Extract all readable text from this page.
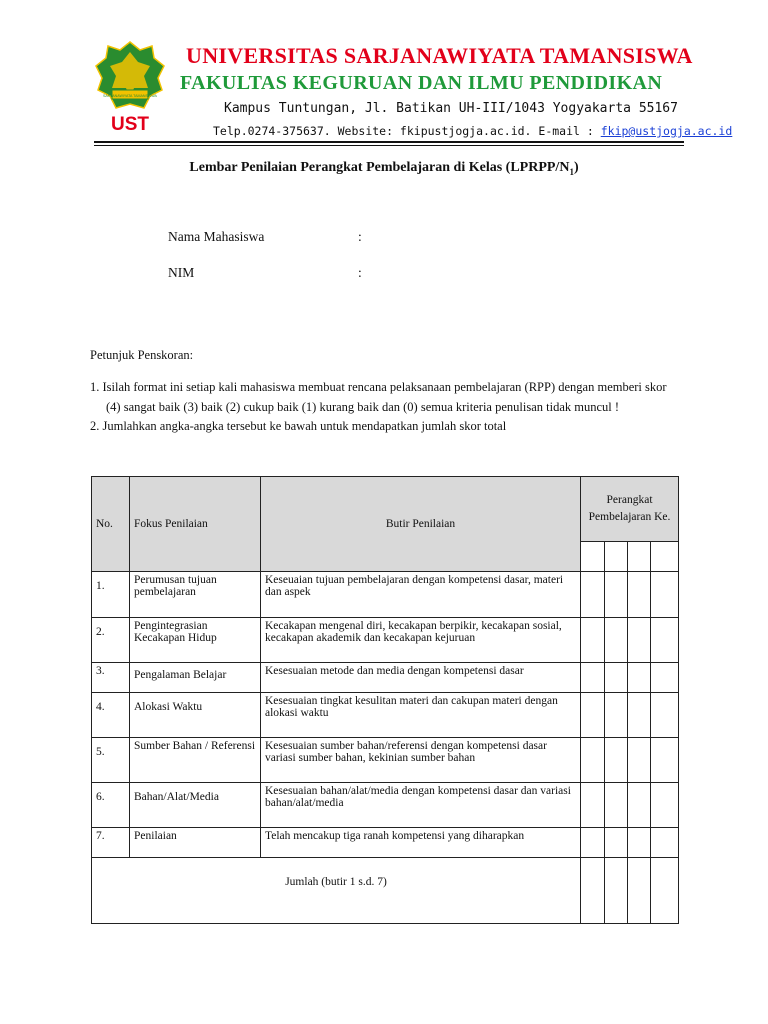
SARJANAWIYATA TAMANSISWA
UST
UNIVERSITAS SARJANAWIYATA TAMANSISWA
FAKULTAS KEGURUAN DAN ILMU PENDIDIKAN
Kampus Tuntungan, Jl. Batikan UH-III/1043 Yogyakarta 55167
Telp.0274-375637. Website: fkipustjogja.ac.id. E-mail : fkip@ustjogja.ac.id
Lembar Penilaian Perangkat Pembelajaran di Kelas $(LPRPP/N_1)$
Nama Mahasiswa	:
NIM	:
Petunjuk Penskoran:
1. Isilah format ini setiap kali mahasiswa membuat rencana pelaksanaan pembelajaran (RPP) dengan memberi skor
(4) sangat baik (3) baik (2) cukup baik (1) kurang baik dan (0) semua kriteria penulisan tidak muncul !
2. Jumlahkan angka-angka tersebut ke bawah untuk mendapatkan jumlah skor total
No.	Fokus Penilaian	Butir Penilaian	Perangkat Pembelajaran Ke.			

1.	Perumusan tujuan pembelajaran	Keseuaian tujuan pembelajaran dengan kompetensi dasar, materi dan aspek				
2.	Pengintegrasian Kecakapan Hidup	Kecakapan mengenal diri, kecakapan berpikir, kecakapan sosial, kecakapan akademik dan kecakapan kejuruan				
3.	Pengalaman Belajar	Kesesuaian metode dan media dengan kompetensi dasar				
4.	Alokasi Waktu	Kesesuaian tingkat kesulitan materi dan cakupan materi dengan alokasi waktu				
5.	Sumber Bahan / Referensi	Kesesuaian sumber bahan/referensi dengan kompetensi dasar variasi sumber bahan, kekinian sumber bahan				
6.	Bahan/Alat/Media	Kesesuaian bahan/alat/media dengan kompetensi dasar dan variasi bahan/alat/media				
7.	Penilaian	Telah mencakup tiga ranah kompetensi yang diharapkan				
Jumlah (butir 1 s.d. 7)						
